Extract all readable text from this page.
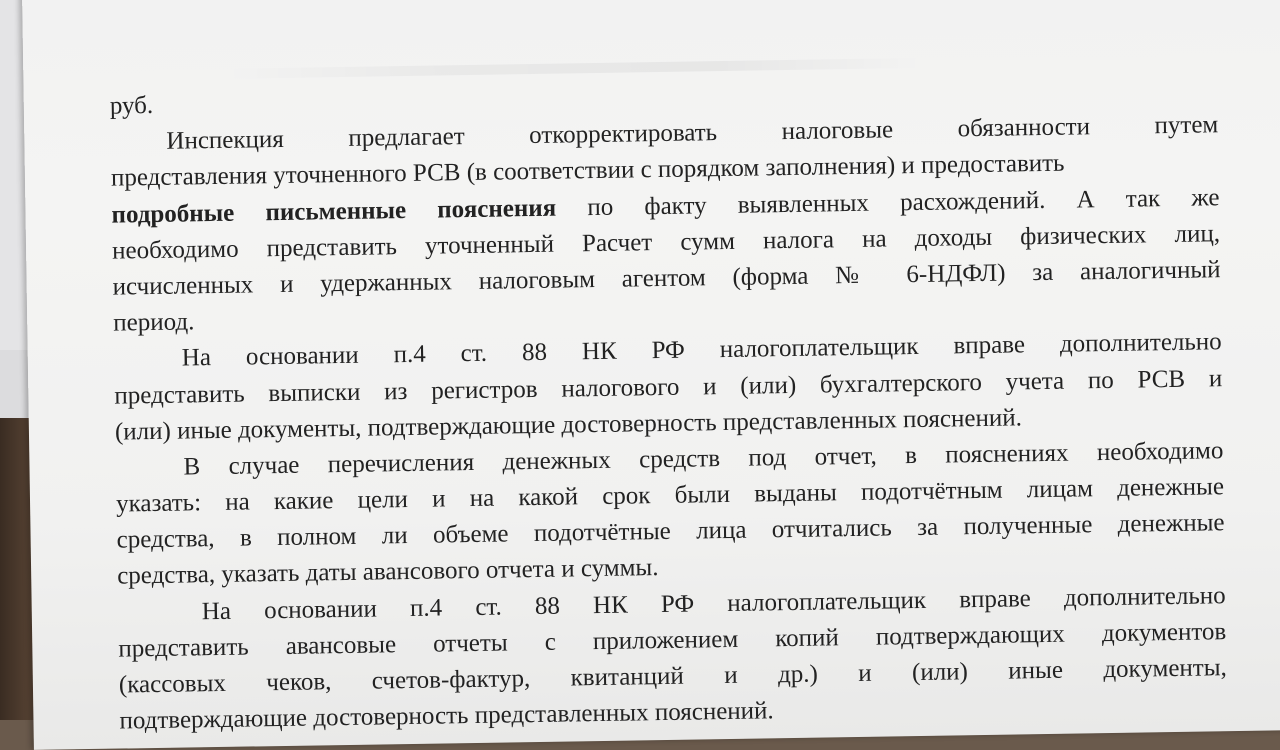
руб.
Инспекция предлагает откорректировать налоговые обязанности путем
представления уточненного РСВ (в соответствии с порядком заполнения) и предоставить
подробные письменные пояснения по факту выявленных расхождений. А так же
необходимо представить уточненный Расчет сумм налога на доходы физических лиц,
исчисленных и удержанных налоговым агентом (форма № 6-НДФЛ) за аналогичный
период.
На основании п.4 ст. 88 НК РФ налогоплательщик вправе дополнительно
представить выписки из регистров налогового и (или) бухгалтерского учета по РСВ и
(или) иные документы, подтверждающие достоверность представленных пояснений.
В случае перечисления денежных средств под отчет, в пояснениях необходимо
указать: на какие цели и на какой срок были выданы подотчётным лицам денежные
средства, в полном ли объеме подотчётные лица отчитались за полученные денежные
средства, указать даты авансового отчета и суммы.
На основании п.4 ст. 88 НК РФ налогоплательщик вправе дополнительно
представить авансовые отчеты с приложением копий подтверждающих документов
(кассовых чеков, счетов-фактур, квитанций и др.) и (или) иные документы,
подтверждающие достоверность представленных пояснений.
